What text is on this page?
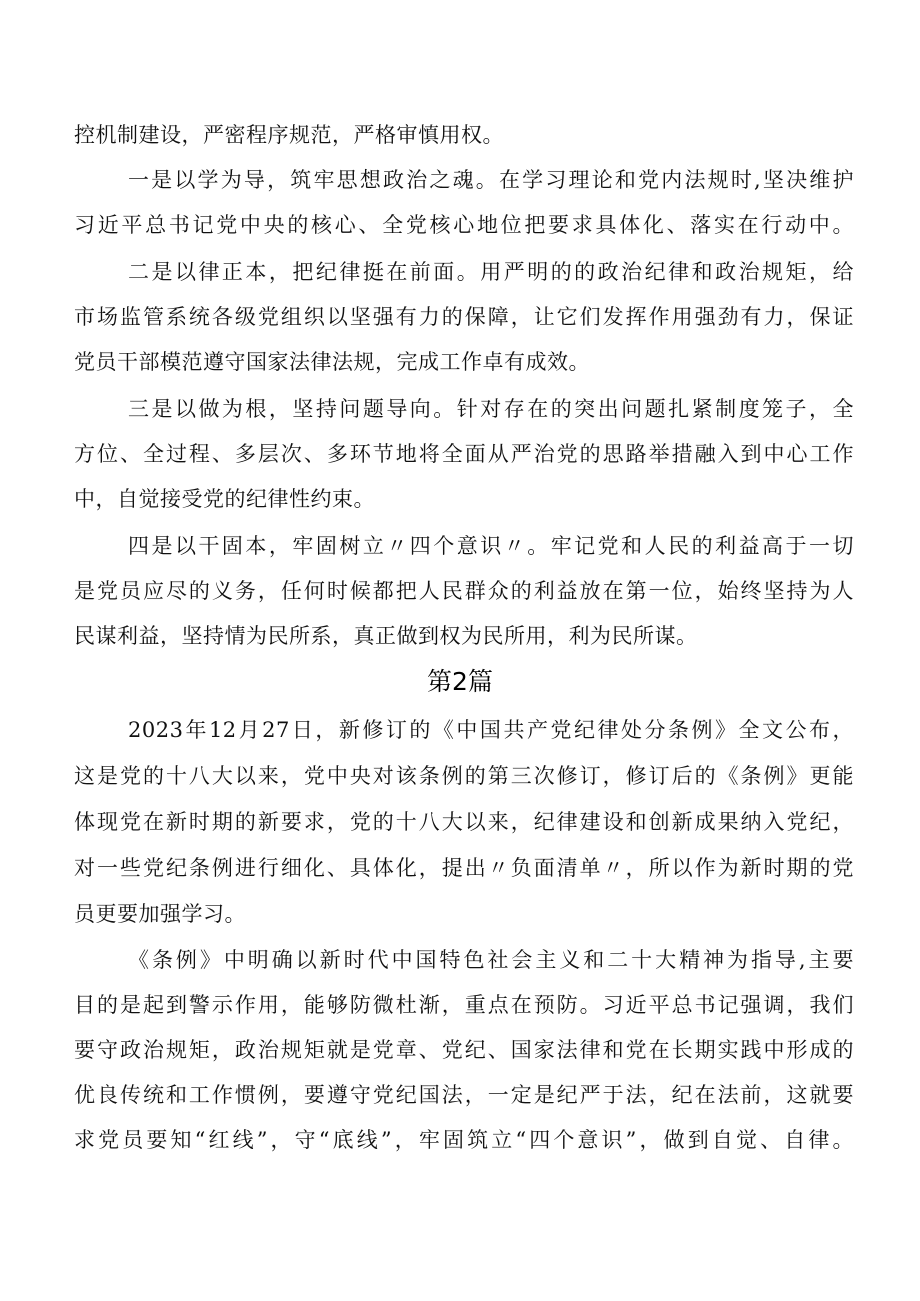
控机制建设，严密程序规范，严格审慎用权。
一是以学为导，筑牢思想政治之魂。在学习理论和党内法规时,坚决维护
习近平总书记党中央的核心、全党核心地位把要求具体化、落实在行动中。
二是以律正本，把纪律挺在前面。用严明的的政治纪律和政治规矩，给
市场监管系统各级党组织以坚强有力的保障，让它们发挥作用强劲有力，保证
党员干部模范遵守国家法律法规，完成工作卓有成效。
三是以做为根，坚持问题导向。针对存在的突出问题扎紧制度笼子，全
方位、全过程、多层次、多环节地将全面从严治党的思路举措融入到中心工作
中，自觉接受党的纪律性约束。
四是以干固本，牢固树立〃四个意识〃。牢记党和人民的利益高于一切
是党员应尽的义务，任何时候都把人民群众的利益放在第一位，始终坚持为人
民谋利益，坚持情为民所系，真正做到权为民所用，利为民所谋。
第2篇
2023年12月27日，新修订的《中国共产党纪律处分条例》全文公布，
这是党的十八大以来，党中央对该条例的第三次修订，修订后的《条例》更能
体现党在新时期的新要求，党的十八大以来，纪律建设和创新成果纳入党纪，
对一些党纪条例进行细化、具体化，提出〃负面清单〃，所以作为新时期的党
员更要加强学习。
《条例》中明确以新时代中国特色社会主义和二十大精神为指导,主要
目的是起到警示作用，能够防微杜渐，重点在预防。习近平总书记强调，我们
要守政治规矩，政治规矩就是党章、党纪、国家法律和党在长期实践中形成的
优良传统和工作惯例，要遵守党纪国法，一定是纪严于法，纪在法前，这就要
求党员要知“红线”，守“底线”，牢固筑立“四个意识”，做到自觉、自律。
